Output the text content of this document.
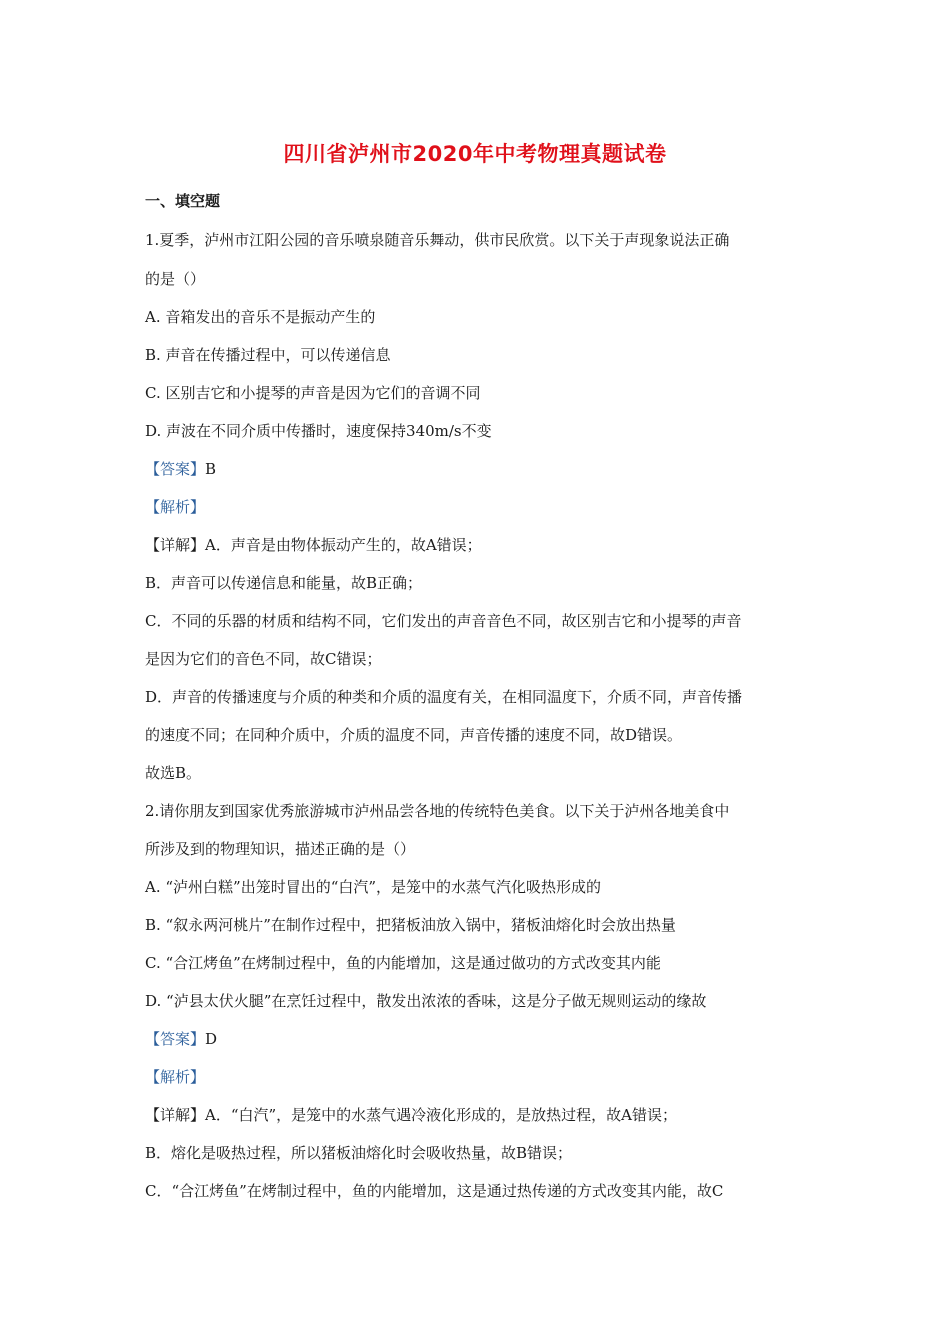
四川省泸州市2020年中考物理真题试卷
一、填空题
1.夏季，泸州市江阳公园的音乐喷泉随音乐舞动，供市民欣赏。以下关于声现象说法正确
的是（）
A. 音箱发出的音乐不是振动产生的
B. 声音在传播过程中，可以传递信息
C. 区别吉它和小提琴的声音是因为它们的音调不同
D. 声波在不同介质中传播时，速度保持340m/s不变
【详解】A．声音是由物体振动产生的，故A错误；
B．声音可以传递信息和能量，故B正确；
C．不同的乐器的材质和结构不同，它们发出的声音音色不同，故区别吉它和小提琴的声音
是因为它们的音色不同，故C错误；
D．声音的传播速度与介质的种类和介质的温度有关，在相同温度下，介质不同，声音传播
的速度不同；在同种介质中，介质的温度不同，声音传播的速度不同，故D错误。
故选B。
2.请你朋友到国家优秀旅游城市泸州品尝各地的传统特色美食。以下关于泸州各地美食中
所涉及到的物理知识，描述正确的是（）
A. “泸州白糕”出笼时冒出的“白汽”，是笼中的水蒸气汽化吸热形成的
B. “叙永两河桃片”在制作过程中，把猪板油放入锅中，猪板油熔化时会放出热量
C. “合江烤鱼”在烤制过程中，鱼的内能增加，这是通过做功的方式改变其内能
D. “泸县太伏火腿”在烹饪过程中，散发出浓浓的香味，这是分子做无规则运动的缘故
【详解】A．“白汽”，是笼中的水蒸气遇冷液化形成的，是放热过程，故A错误；
B．熔化是吸热过程，所以猪板油熔化时会吸收热量，故B错误；
C．“合江烤鱼”在烤制过程中，鱼的内能增加，这是通过热传递的方式改变其内能，故C
【答案】B
【答案】D
【解析】
【解析】
